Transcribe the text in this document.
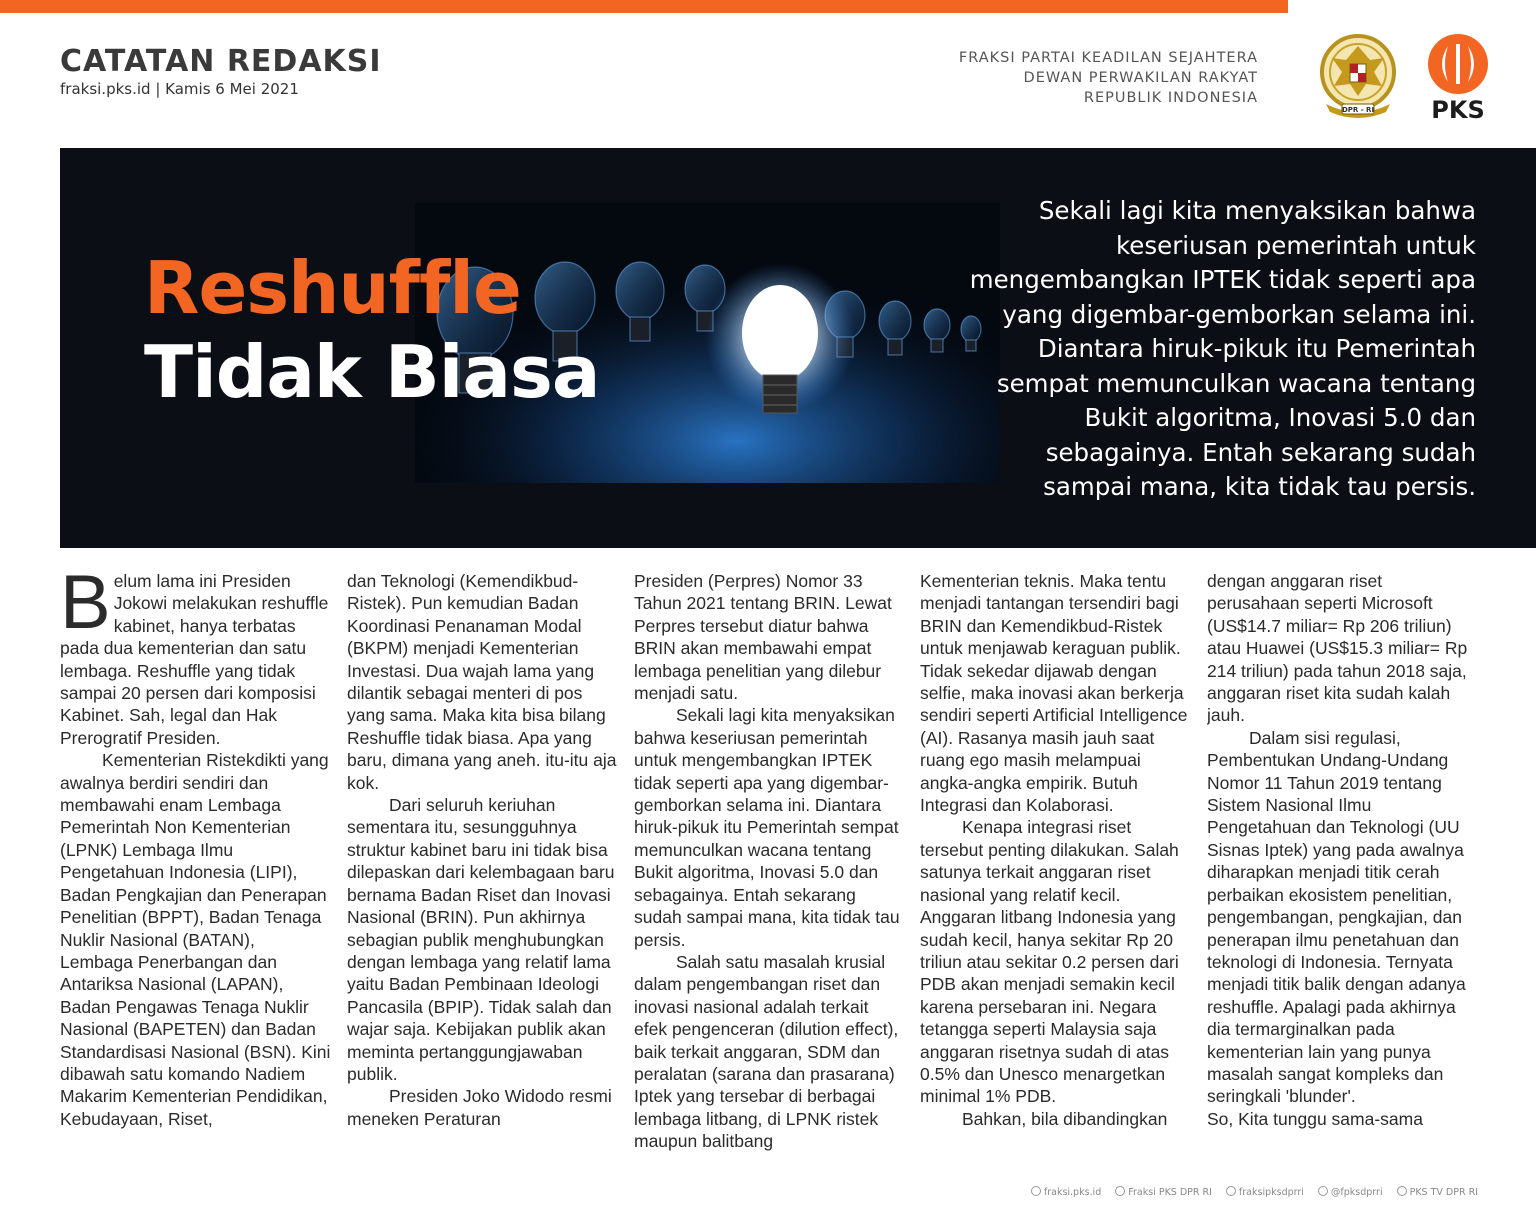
CATATAN REDAKSI
fraksi.pks.id | Kamis 6 Mei 2021
FRAKSI PARTAI KEADILAN SEJAHTERA
DEWAN PERWAKILAN RAKYAT
REPUBLIK INDONESIA
DPR - RI	PKS
Reshuffle
Tidak Biasa
Sekali lagi kita menyaksikan bahwa keseriusan pemerintah untuk mengembangkan IPTEK tidak seperti apa yang digembar-gemborkan selama ini. Diantara hiruk-pikuk itu Pemerintah sempat memunculkan wacana tentang Bukit algoritma, Inovasi 5.0 dan sebagainya. Entah sekarang sudah sampai mana, kita tidak tau persis.

Belum lama ini Presiden Jokowi melakukan reshuffle kabinet, hanya terbatas pada dua kementerian dan satu lembaga. Reshuffle yang tidak sampai 20 persen dari komposisi Kabinet. Sah, legal dan Hak Prerogratif Presiden.

Kementerian Ristekdikti yang awalnya berdiri sendiri dan membawahi enam Lembaga Pemerintah Non Kementerian (LPNK) Lembaga Ilmu Pengetahuan Indonesia (LIPI), Badan Pengkajian dan Penerapan Penelitian (BPPT), Badan Tenaga Nuklir Nasional (BATAN), Lembaga Penerbangan dan Antariksa Nasional (LAPAN), Badan Pengawas Tenaga Nuklir Nasional (BAPETEN) dan Badan Standardisasi Nasional (BSN). Kini dibawah satu komando Nadiem Makarim Kementerian Pendidikan, Kebudayaan, Riset,

dan Teknologi (Kemendikbud-Ristek). Pun kemudian Badan Koordinasi Penanaman Modal (BKPM) menjadi Kementerian Investasi. Dua wajah lama yang dilantik sebagai menteri di pos yang sama. Maka kita bisa bilang Reshuffle tidak biasa. Apa yang baru, dimana yang aneh. itu-itu aja kok.

Dari seluruh keriuhan sementara itu, sesungguhnya struktur kabinet baru ini tidak bisa dilepaskan dari kelembagaan baru bernama Badan Riset dan Inovasi Nasional (BRIN). Pun akhirnya sebagian publik menghubungkan dengan lembaga yang relatif lama yaitu Badan Pembinaan Ideologi Pancasila (BPIP). Tidak salah dan wajar saja. Kebijakan publik akan meminta pertanggungjawaban publik.

Presiden Joko Widodo resmi meneken Peraturan

Presiden (Perpres) Nomor 33 Tahun 2021 tentang BRIN. Lewat Perpres tersebut diatur bahwa BRIN akan membawahi empat lembaga penelitian yang dilebur menjadi satu.

Sekali lagi kita menyaksikan bahwa keseriusan pemerintah untuk mengembangkan IPTEK tidak seperti apa yang digembar-gemborkan selama ini. Diantara hiruk-pikuk itu Pemerintah sempat memunculkan wacana tentang Bukit algoritma, Inovasi 5.0 dan sebagainya. Entah sekarang sudah sampai mana, kita tidak tau persis.

Salah satu masalah krusial dalam pengembangan riset dan inovasi nasional adalah terkait efek pengenceran (dilution effect), baik terkait anggaran, SDM dan peralatan (sarana dan prasarana) Iptek yang tersebar di berbagai lembaga litbang, di LPNK ristek maupun balitbang

Kementerian teknis. Maka tentu menjadi tantangan tersendiri bagi BRIN dan Kemendikbud-Ristek untuk menjawab keraguan publik. Tidak sekedar dijawab dengan selfie, maka inovasi akan berkerja sendiri seperti Artificial Intelligence (AI). Rasanya masih jauh saat ruang ego masih melampuai angka-angka empirik. Butuh Integrasi dan Kolaborasi.

Kenapa integrasi riset tersebut penting dilakukan. Salah satunya terkait anggaran riset nasional yang relatif kecil. Anggaran litbang Indonesia yang sudah kecil, hanya sekitar Rp 20 triliun atau sekitar 0.2 persen dari PDB akan menjadi semakin kecil karena persebaran ini. Negara tetangga seperti Malaysia saja anggaran risetnya sudah di atas 0.5% dan Unesco menargetkan minimal 1% PDB.

Bahkan, bila dibandingkan

dengan anggaran riset perusahaan seperti Microsoft (US$14.7 miliar= Rp 206 triliun) atau Huawei (US$15.3 miliar= Rp 214 triliun) pada tahun 2018 saja, anggaran riset kita sudah kalah jauh.

Dalam sisi regulasi, Pembentukan Undang-Undang Nomor 11 Tahun 2019 tentang Sistem Nasional Ilmu Pengetahuan dan Teknologi (UU Sisnas Iptek) yang pada awalnya diharapkan menjadi titik cerah perbaikan ekosistem penelitian, pengembangan, pengkajian, dan penerapan ilmu penetahuan dan teknologi di Indonesia. Ternyata menjadi titik balik dengan adanya reshuffle. Apalagi pada akhirnya dia termarginalkan pada kementerian lain yang punya masalah sangat kompleks dan seringkali 'blunder'.

So, Kita tunggu sama-sama

fraksi.pks.id	Fraksi PKS DPR RI	fraksipksdprri	@fpksdprri	PKS TV DPR RI
